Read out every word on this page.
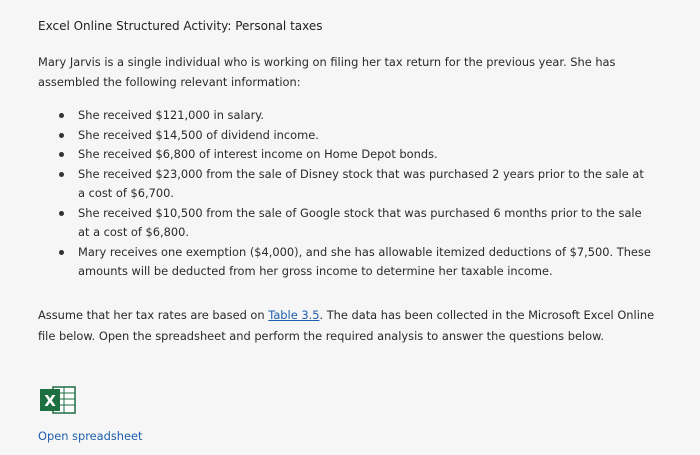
Excel Online Structured Activity: Personal taxes
Mary Jarvis is a single individual who is working on filing her tax return for the previous year. She has assembled the following relevant information:
She received $121,000 in salary.
She received $14,500 of dividend income.
She received $6,800 of interest income on Home Depot bonds.
She received $23,000 from the sale of Disney stock that was purchased 2 years prior to the sale at a cost of $6,700.
She received $10,500 from the sale of Google stock that was purchased 6 months prior to the sale at a cost of $6,800.
Mary receives one exemption ($4,000), and she has allowable itemized deductions of $7,500. These amounts will be deducted from her gross income to determine her taxable income.
Assume that her tax rates are based on Table 3.5. The data has been collected in the Microsoft Excel Online file below. Open the spreadsheet and perform the required analysis to answer the questions below.
X
Open spreadsheet
